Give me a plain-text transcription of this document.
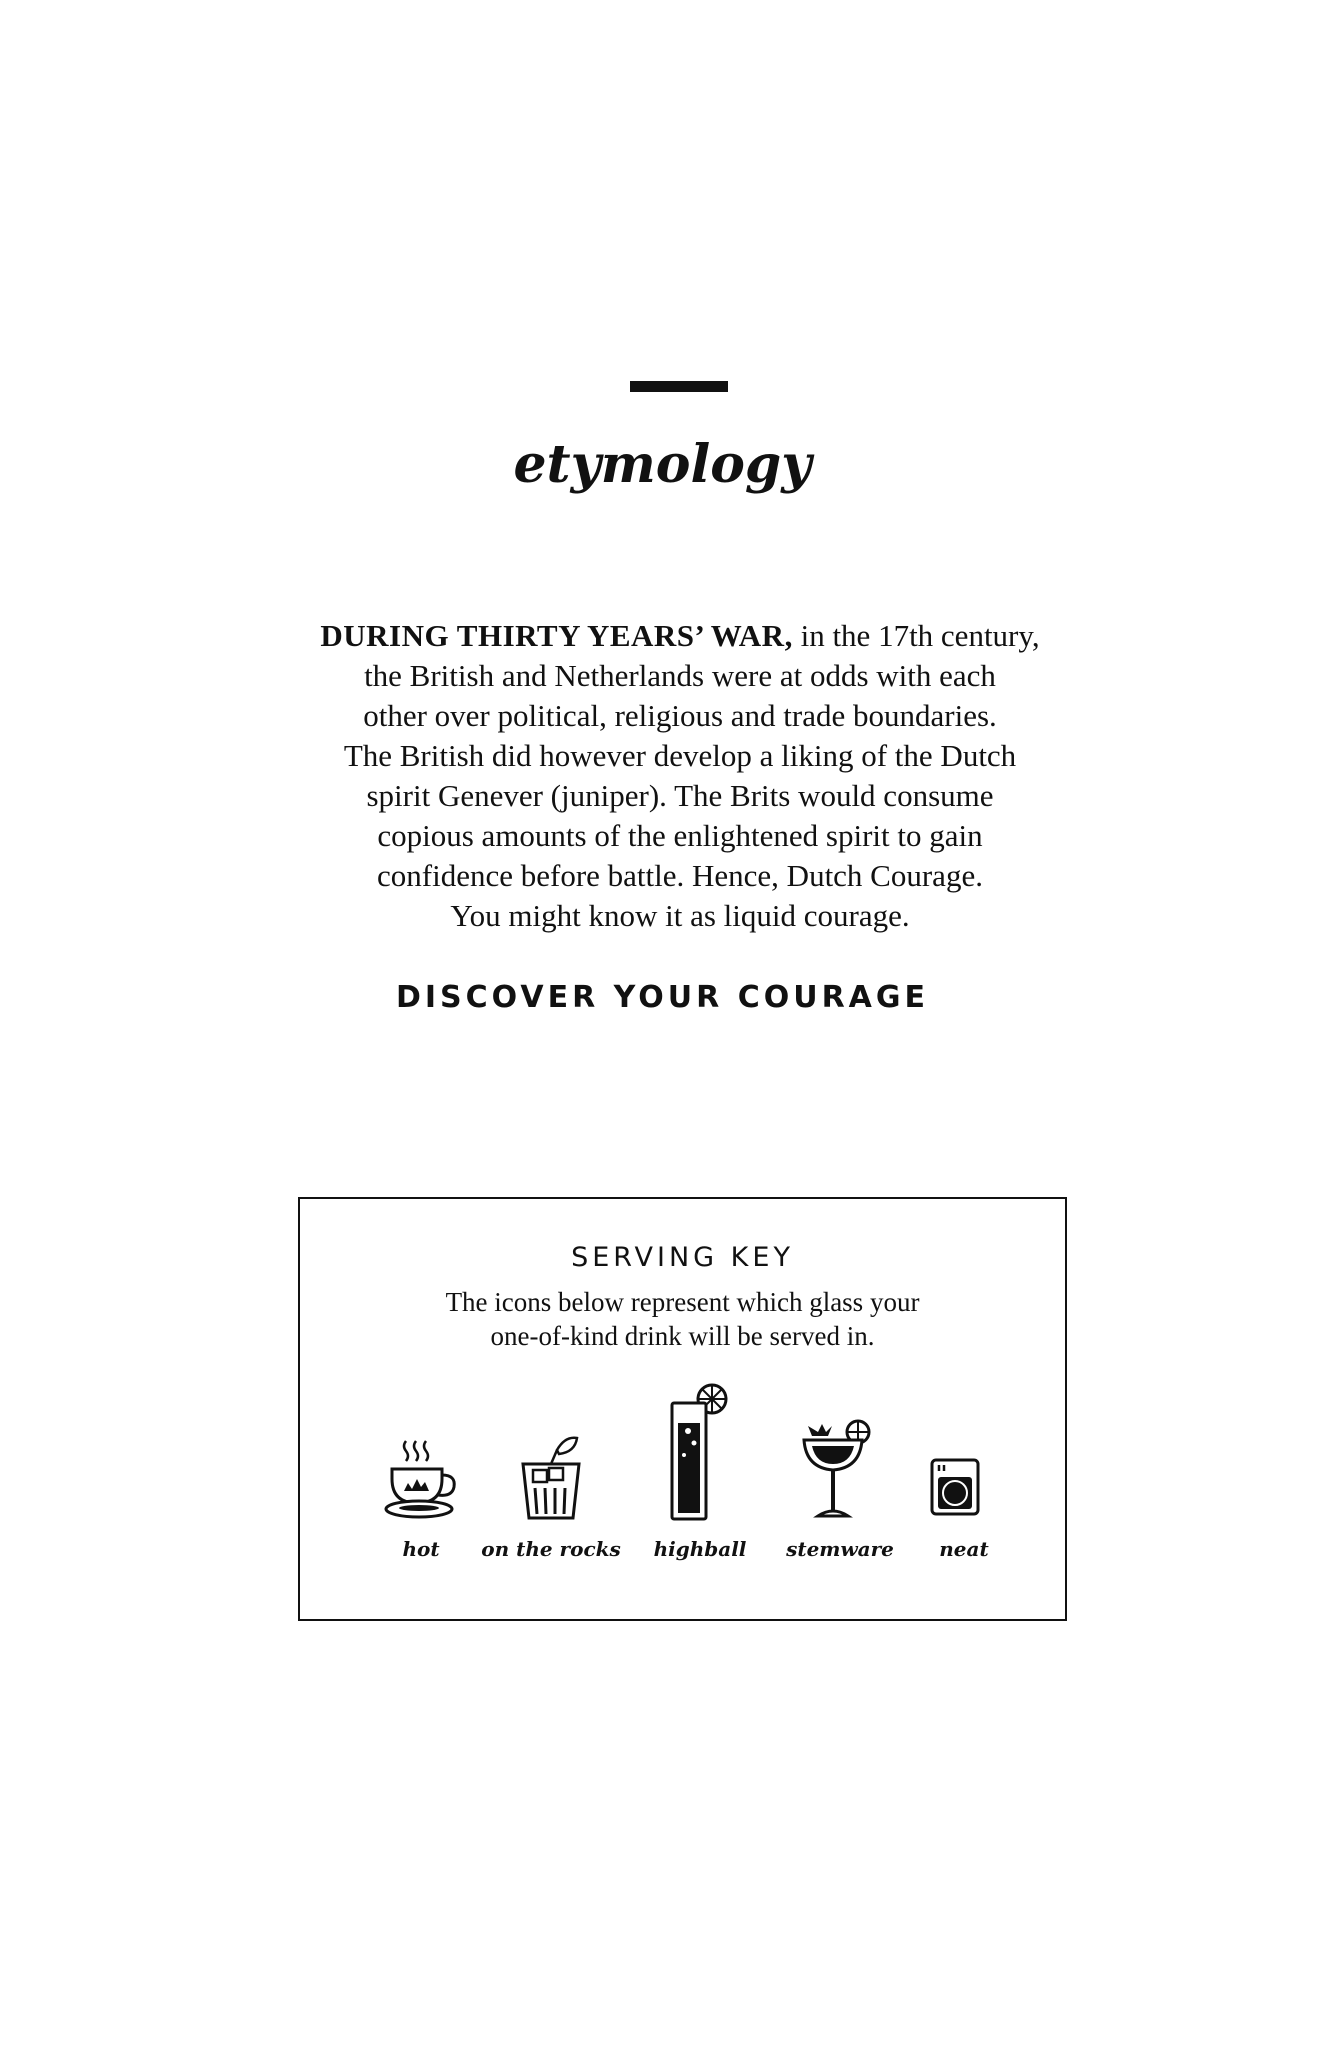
etymology
DURING THIRTY YEARS’ WAR, in the 17th century,
the British and Netherlands were at odds with each
other over political, religious and trade boundaries.
The British did however develop a liking of the Dutch
spirit Genever (juniper). The Brits would consume
copious amounts of the enlightened spirit to gain
confidence before battle. Hence, Dutch Courage.
You might know it as liquid courage.
DISCOVER YOUR COURAGE
SERVING KEY
The icons below represent which glass your
one-of-kind drink will be served in.
hot	on the rocks	highball	stemware	neat
